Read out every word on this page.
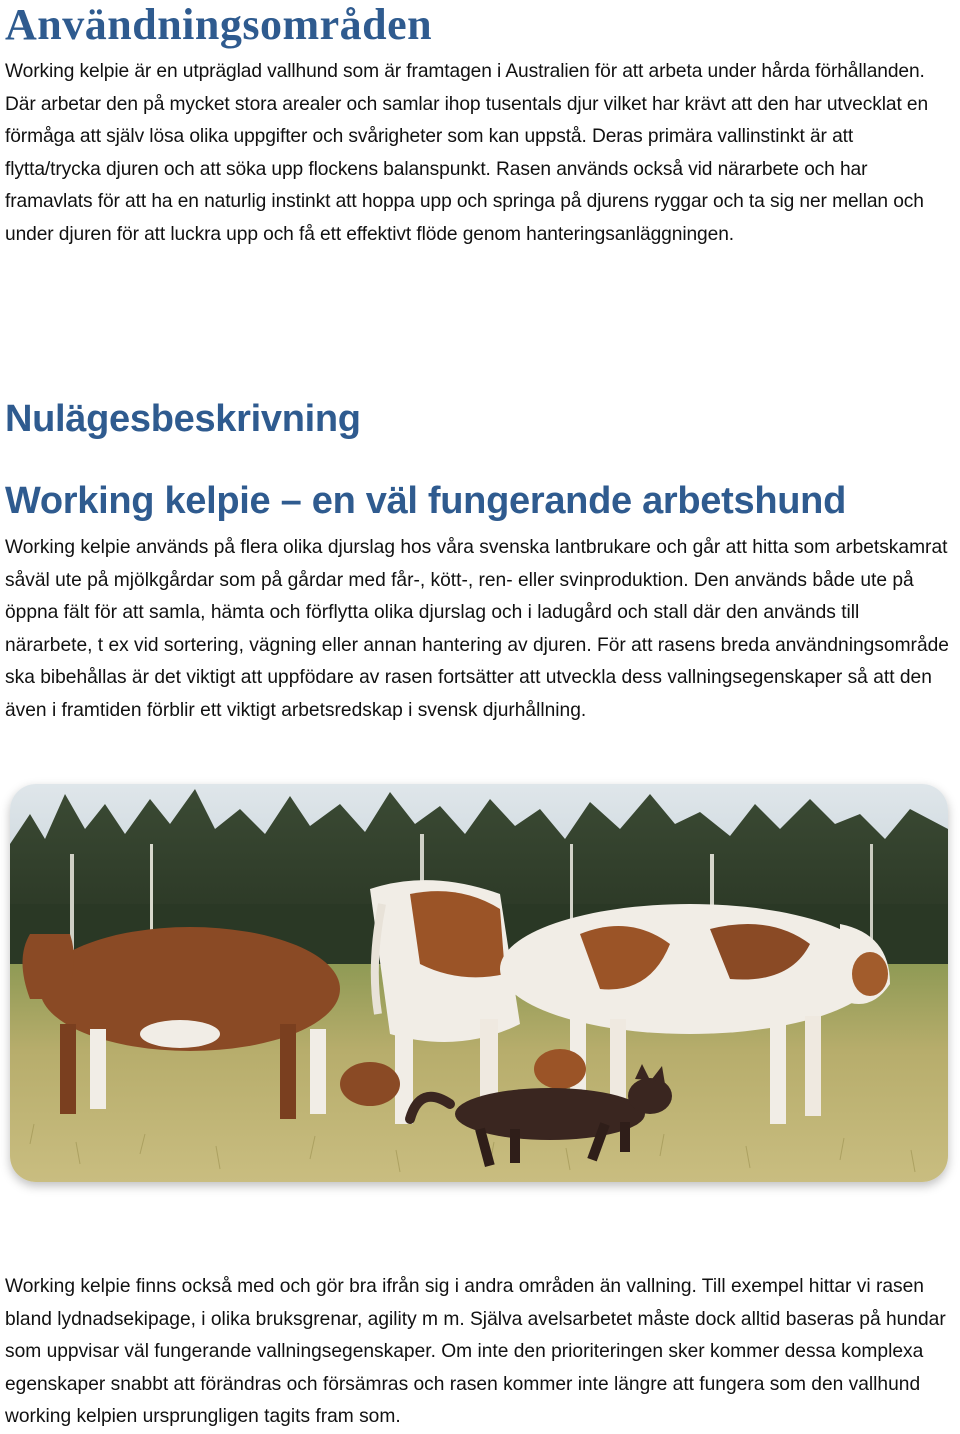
Användningsområden

Working kelpie är en utpräglad vallhund som är framtagen i Australien för att arbeta under hårda förhållanden. Där arbetar den på mycket stora arealer och samlar ihop tusentals djur vilket har krävt att den har utvecklat en förmåga att själv lösa olika uppgifter och svårigheter som kan uppstå. Deras primära vallinstinkt är att flytta/trycka djuren och att söka upp flockens balanspunkt. Rasen används också vid närarbete och har framavlats för att ha en naturlig instinkt att hoppa upp och springa på djurens ryggar och ta sig ner mellan och under djuren för att luckra upp och få ett effektivt flöde genom hanteringsanläggningen.

Nulägesbeskrivning
Working kelpie – en väl fungerande arbetshund

Working kelpie används på flera olika djurslag hos våra svenska lantbrukare och går att hitta som arbetskamrat såväl ute på mjölkgårdar som på gårdar med får-, kött-, ren- eller svinproduktion. Den används både ute på öppna fält för att samla, hämta och förflytta olika djurslag och i ladugård och stall där den används till närarbete, t ex vid sortering, vägning eller annan hantering av djuren. För att rasens breda användningsområde ska bibehållas är det viktigt att uppfödare av rasen fortsätter att utveckla dess vallningsegenskaper så att den även i framtiden förblir ett viktigt arbetsredskap i svensk djurhållning.

Working kelpie finns också med och gör bra ifrån sig i andra områden än vallning. Till exempel hittar vi rasen bland lydnadsekipage, i olika bruksgrenar, agility m m. Själva avelsarbetet måste dock alltid baseras på hundar som uppvisar väl fungerande vallningsegenskaper. Om inte den prioriteringen sker kommer dessa komplexa egenskaper snabbt att förändras och försämras och rasen kommer inte längre att fungera som den vallhund working kelpien ursprungligen tagits fram som.
